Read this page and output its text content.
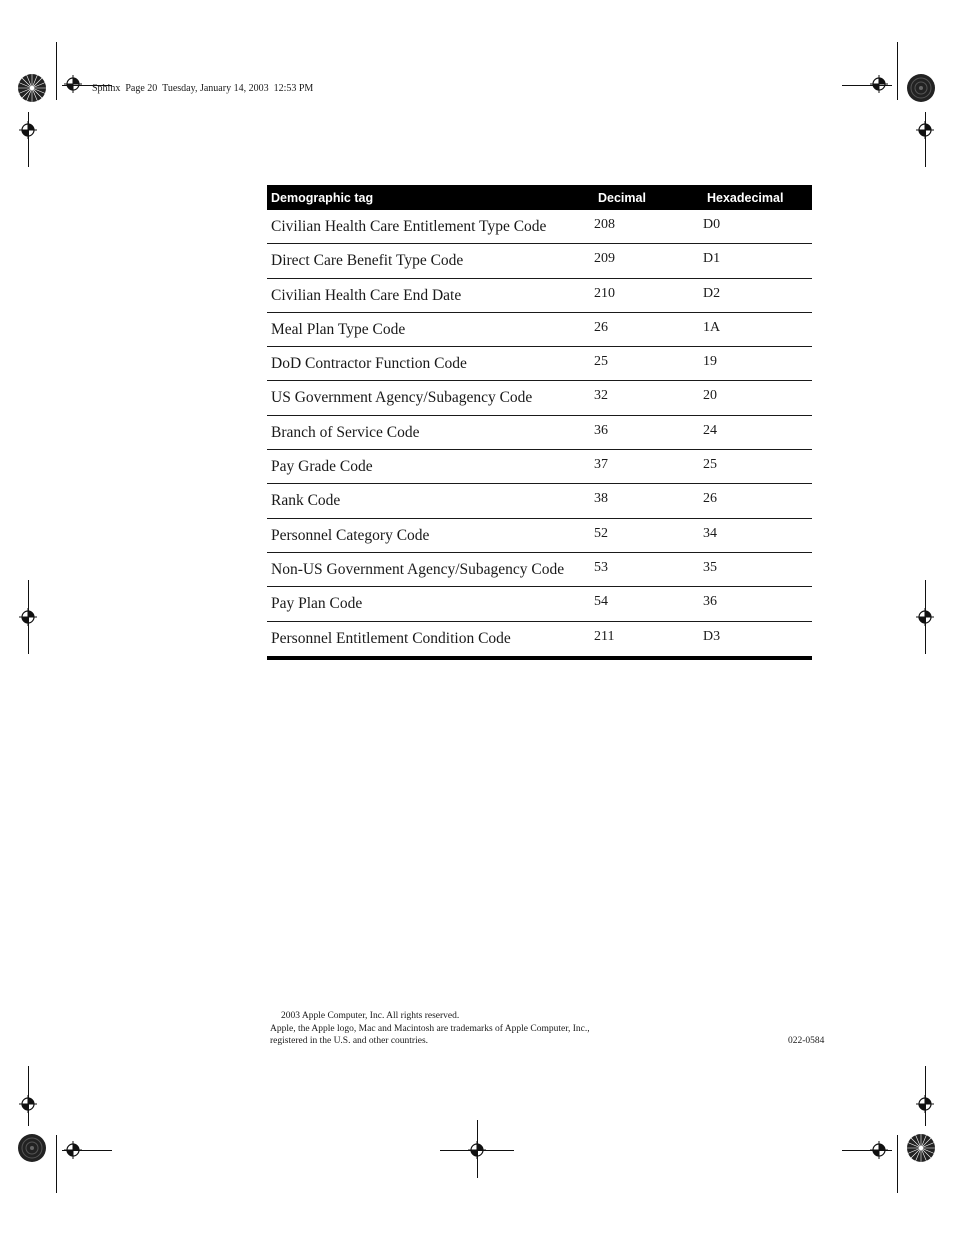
Sphinx  Page 20  Tuesday, January 14, 2003  12:53 PM
Demographic tag	Decimal	Hexadecimal
Civilian Health Care Entitlement Type Code	208	D0
Direct Care Benefit Type Code	209	D1
Civilian Health Care End Date	210	D2
Meal Plan Type Code	26	1A
DoD Contractor Function Code	25	19
US Government Agency/Subagency Code	32	20
Branch of Service Code	36	24
Pay Grade Code	37	25
Rank Code	38	26
Personnel Category Code	52	34
Non-US Government Agency/Subagency Code	53	35
Pay Plan Code	54	36
Personnel Entitlement Condition Code	211	D3
2003 Apple Computer, Inc. All rights reserved.
Apple, the Apple logo, Mac and Macintosh are trademarks of Apple Computer, Inc.,
registered in the U.S. and other countries.	022-0584
